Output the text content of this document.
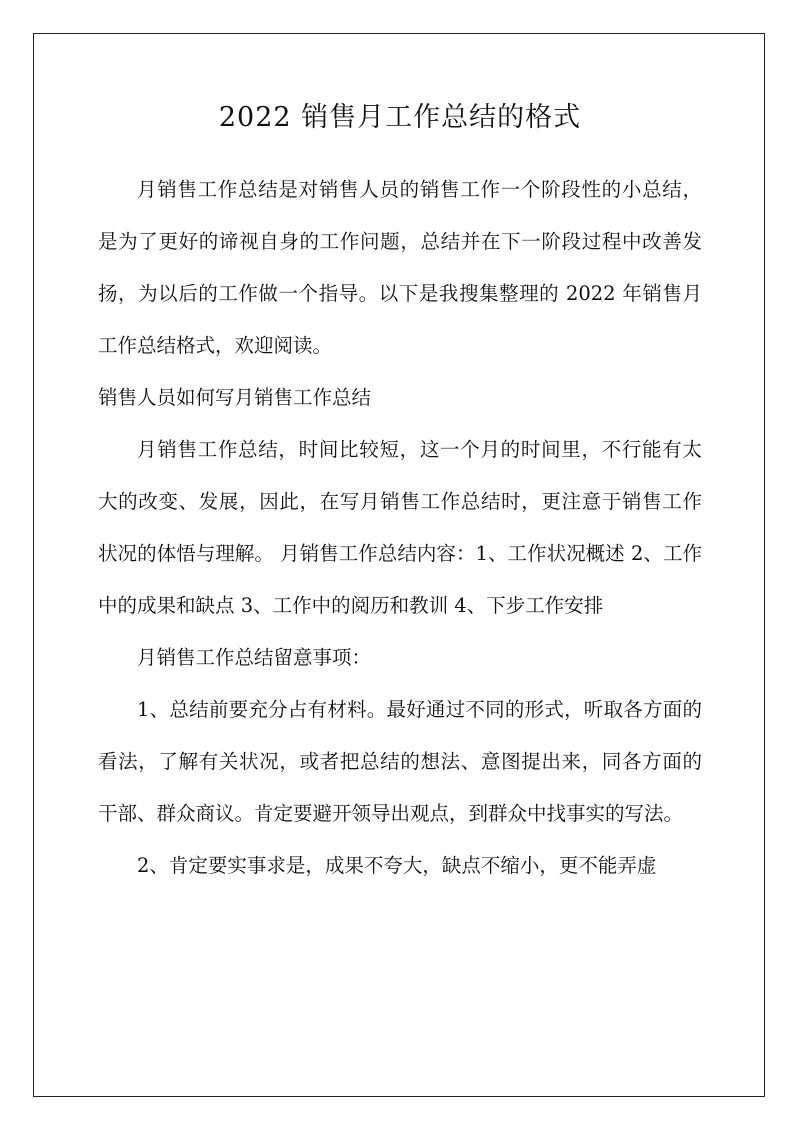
2022 销售月工作总结的格式

月销售工作总结是对销售人员的销售工作一个阶段性的小总结，是为了更好的谛视自身的工作问题，总结并在下一阶段过程中改善发扬，为以后的工作做一个指导。以下是我搜集整理的 2022 年销售月工作总结格式，欢迎阅读。

销售人员如何写月销售工作总结

月销售工作总结，时间比较短，这一个月的时间里，不行能有太大的改变、发展，因此，在写月销售工作总结时，更注意于销售工作状况的体悟与理解。 月销售工作总结内容：1、工作状况概述 2、工作中的成果和缺点 3、工作中的阅历和教训 4、下步工作安排

月销售工作总结留意事项：

1、总结前要充分占有材料。最好通过不同的形式，听取各方面的看法，了解有关状况，或者把总结的想法、意图提出来，同各方面的干部、群众商议。肯定要避开领导出观点，到群众中找事实的写法。

2、肯定要实事求是，成果不夸大，缺点不缩小，更不能弄虚
